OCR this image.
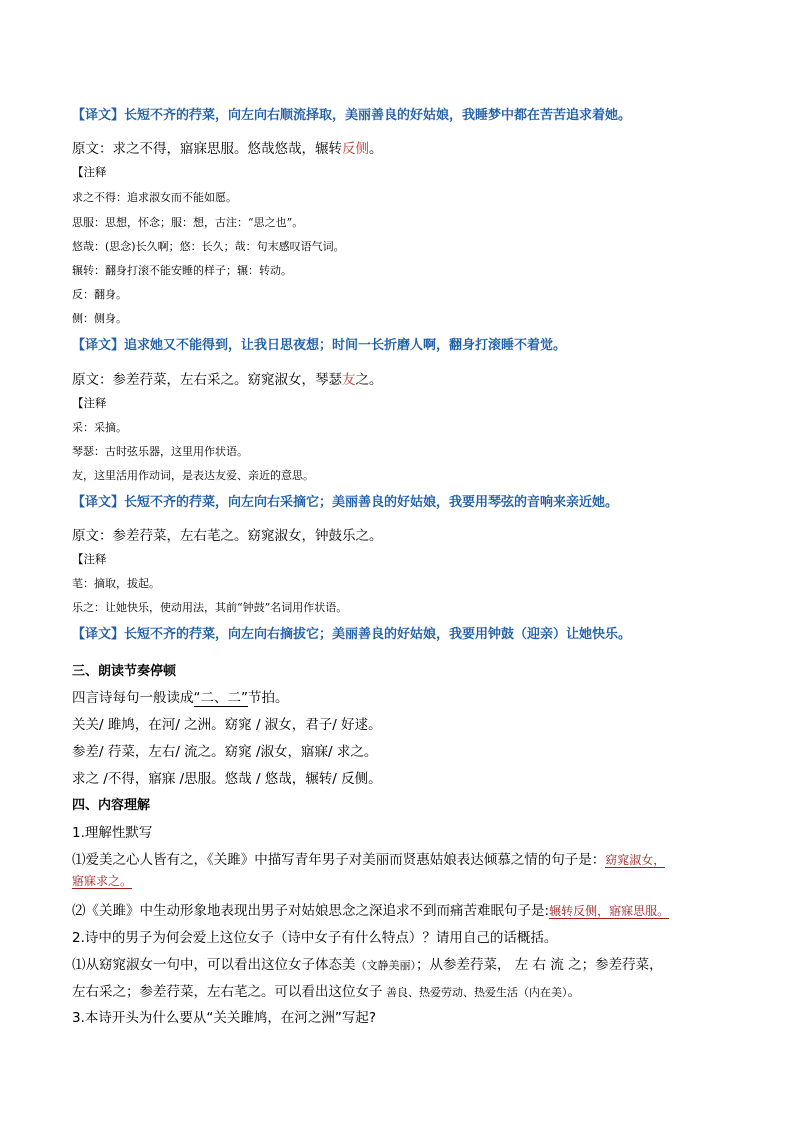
【译文】长短不齐的荇菜，向左向右顺流择取，美丽善良的好姑娘，我睡梦中都在苦苦追求着她。
原文：求之不得，寤寐思服。悠哉悠哉，辗转反侧。
【注释
求之不得：追求淑女而不能如愿。
思服：思想，怀念；服：想，古注：“思之也”。
悠哉：(思念)长久啊；悠：长久；哉：句末感叹语气词。
辗转：翻身打滚不能安睡的样子；辗：转动。
反：翻身。
侧：侧身。
【译文】追求她又不能得到，让我日思夜想；时间一长折磨人啊，翻身打滚睡不着觉。
原文：参差荇菜，左右采之。窈窕淑女，琴瑟友之。
【注释
采：采摘。
琴瑟：古时弦乐器，这里用作状语。
友，这里活用作动词，是表达友爱、亲近的意思。
【译文】长短不齐的荇菜，向左向右采摘它；美丽善良的好姑娘，我要用琴弦的音响来亲近她。
原文：参差荇菜，左右芼之。窈窕淑女，钟鼓乐之。
【注释
芼：摘取，拔起。
乐之：让她快乐，使动用法，其前“钟鼓”名词用作状语。
【译文】长短不齐的荇菜，向左向右摘拔它；美丽善良的好姑娘，我要用钟鼓（迎亲）让她快乐。
三、朗读节奏停顿
四言诗每句一般读成“二、二”节拍。
关关/ 雎鸠，在河/ 之洲。窈窕 / 淑女，君子/ 好逑。
参差/ 荇菜，左右/ 流之。窈窕 /淑女，寤寐/ 求之。
求之 /不得，寤寐 /思服。悠哉 / 悠哉，辗转/ 反侧。
四、内容理解
1.理解性默写
⑴爱美之心人皆有之，《关雎》中描写青年男子对美丽而贤惠姑娘表达倾慕之情的句子是：窈窕淑女，
寤寐求之。
⑵《关雎》中生动形象地表现出男子对姑娘思念之深追求不到而痛苦难眠句子是:辗转反侧，寤寐思服。
2.诗中的男子为何会爱上这位女子（诗中女子有什么特点）？请用自己的话概括。
⑴从窈窕淑女一句中，可以看出这位女子体态美（文静美丽）；从参差荇菜， 左 右 流 之；参差荇菜，
左右采之；参差荇菜，左右芼之。可以看出这位女子 善良、热爱劳动、热爱生活（内在美）。
3.本诗开头为什么要从“关关雎鸠，在河之洲”写起?
